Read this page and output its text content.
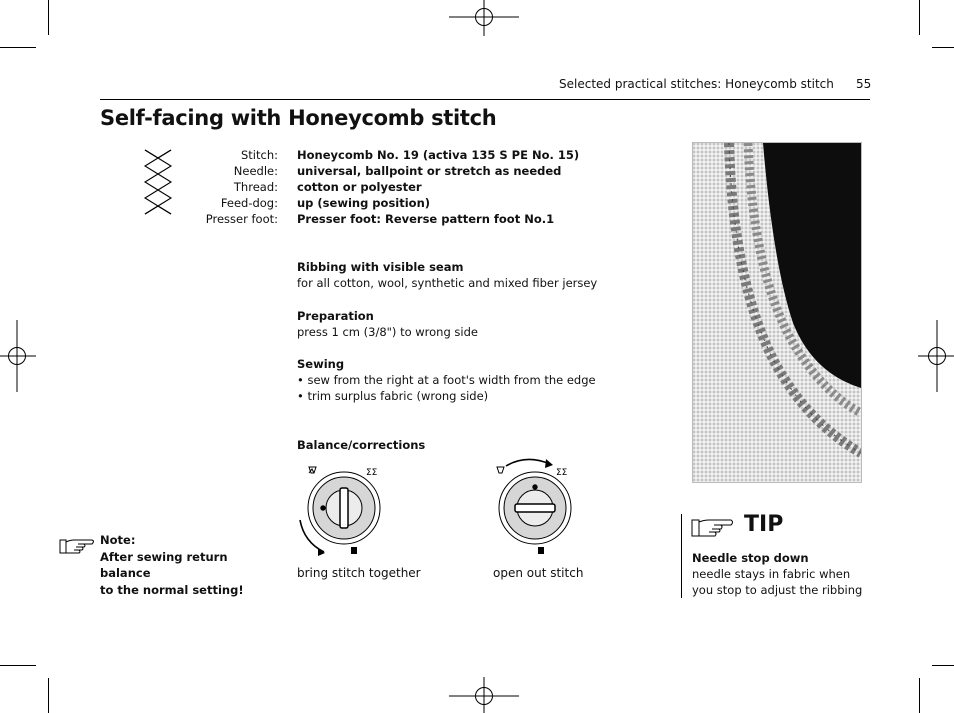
Selected practical stitches: Honeycomb stitch 55
Self-facing with Honeycomb stitch
Stitch:
Needle:
Thread:
Feed-dog:
Presser foot:
Honeycomb No. 19 (activa 135 S PE No. 15)
universal, ballpoint or stretch as needed
cotton or polyester
up (sewing position)
Presser foot: Reverse pattern foot No.1
Ribbing with visible seam
for all cotton, wool, synthetic and mixed fiber jersey
Preparation
press 1 cm (3/8") to wrong side
Sewing
• sew from the right at a foot's width from the edge
• trim surplus fabric (wrong side)
Balance/corrections
ΣΣ	ΣΣ
bring stitch together	open out stitch
Note:
After sewing return balance
to the normal setting!
TIP
Needle stop down
needle stays in fabric when
you stop to adjust the ribbing
